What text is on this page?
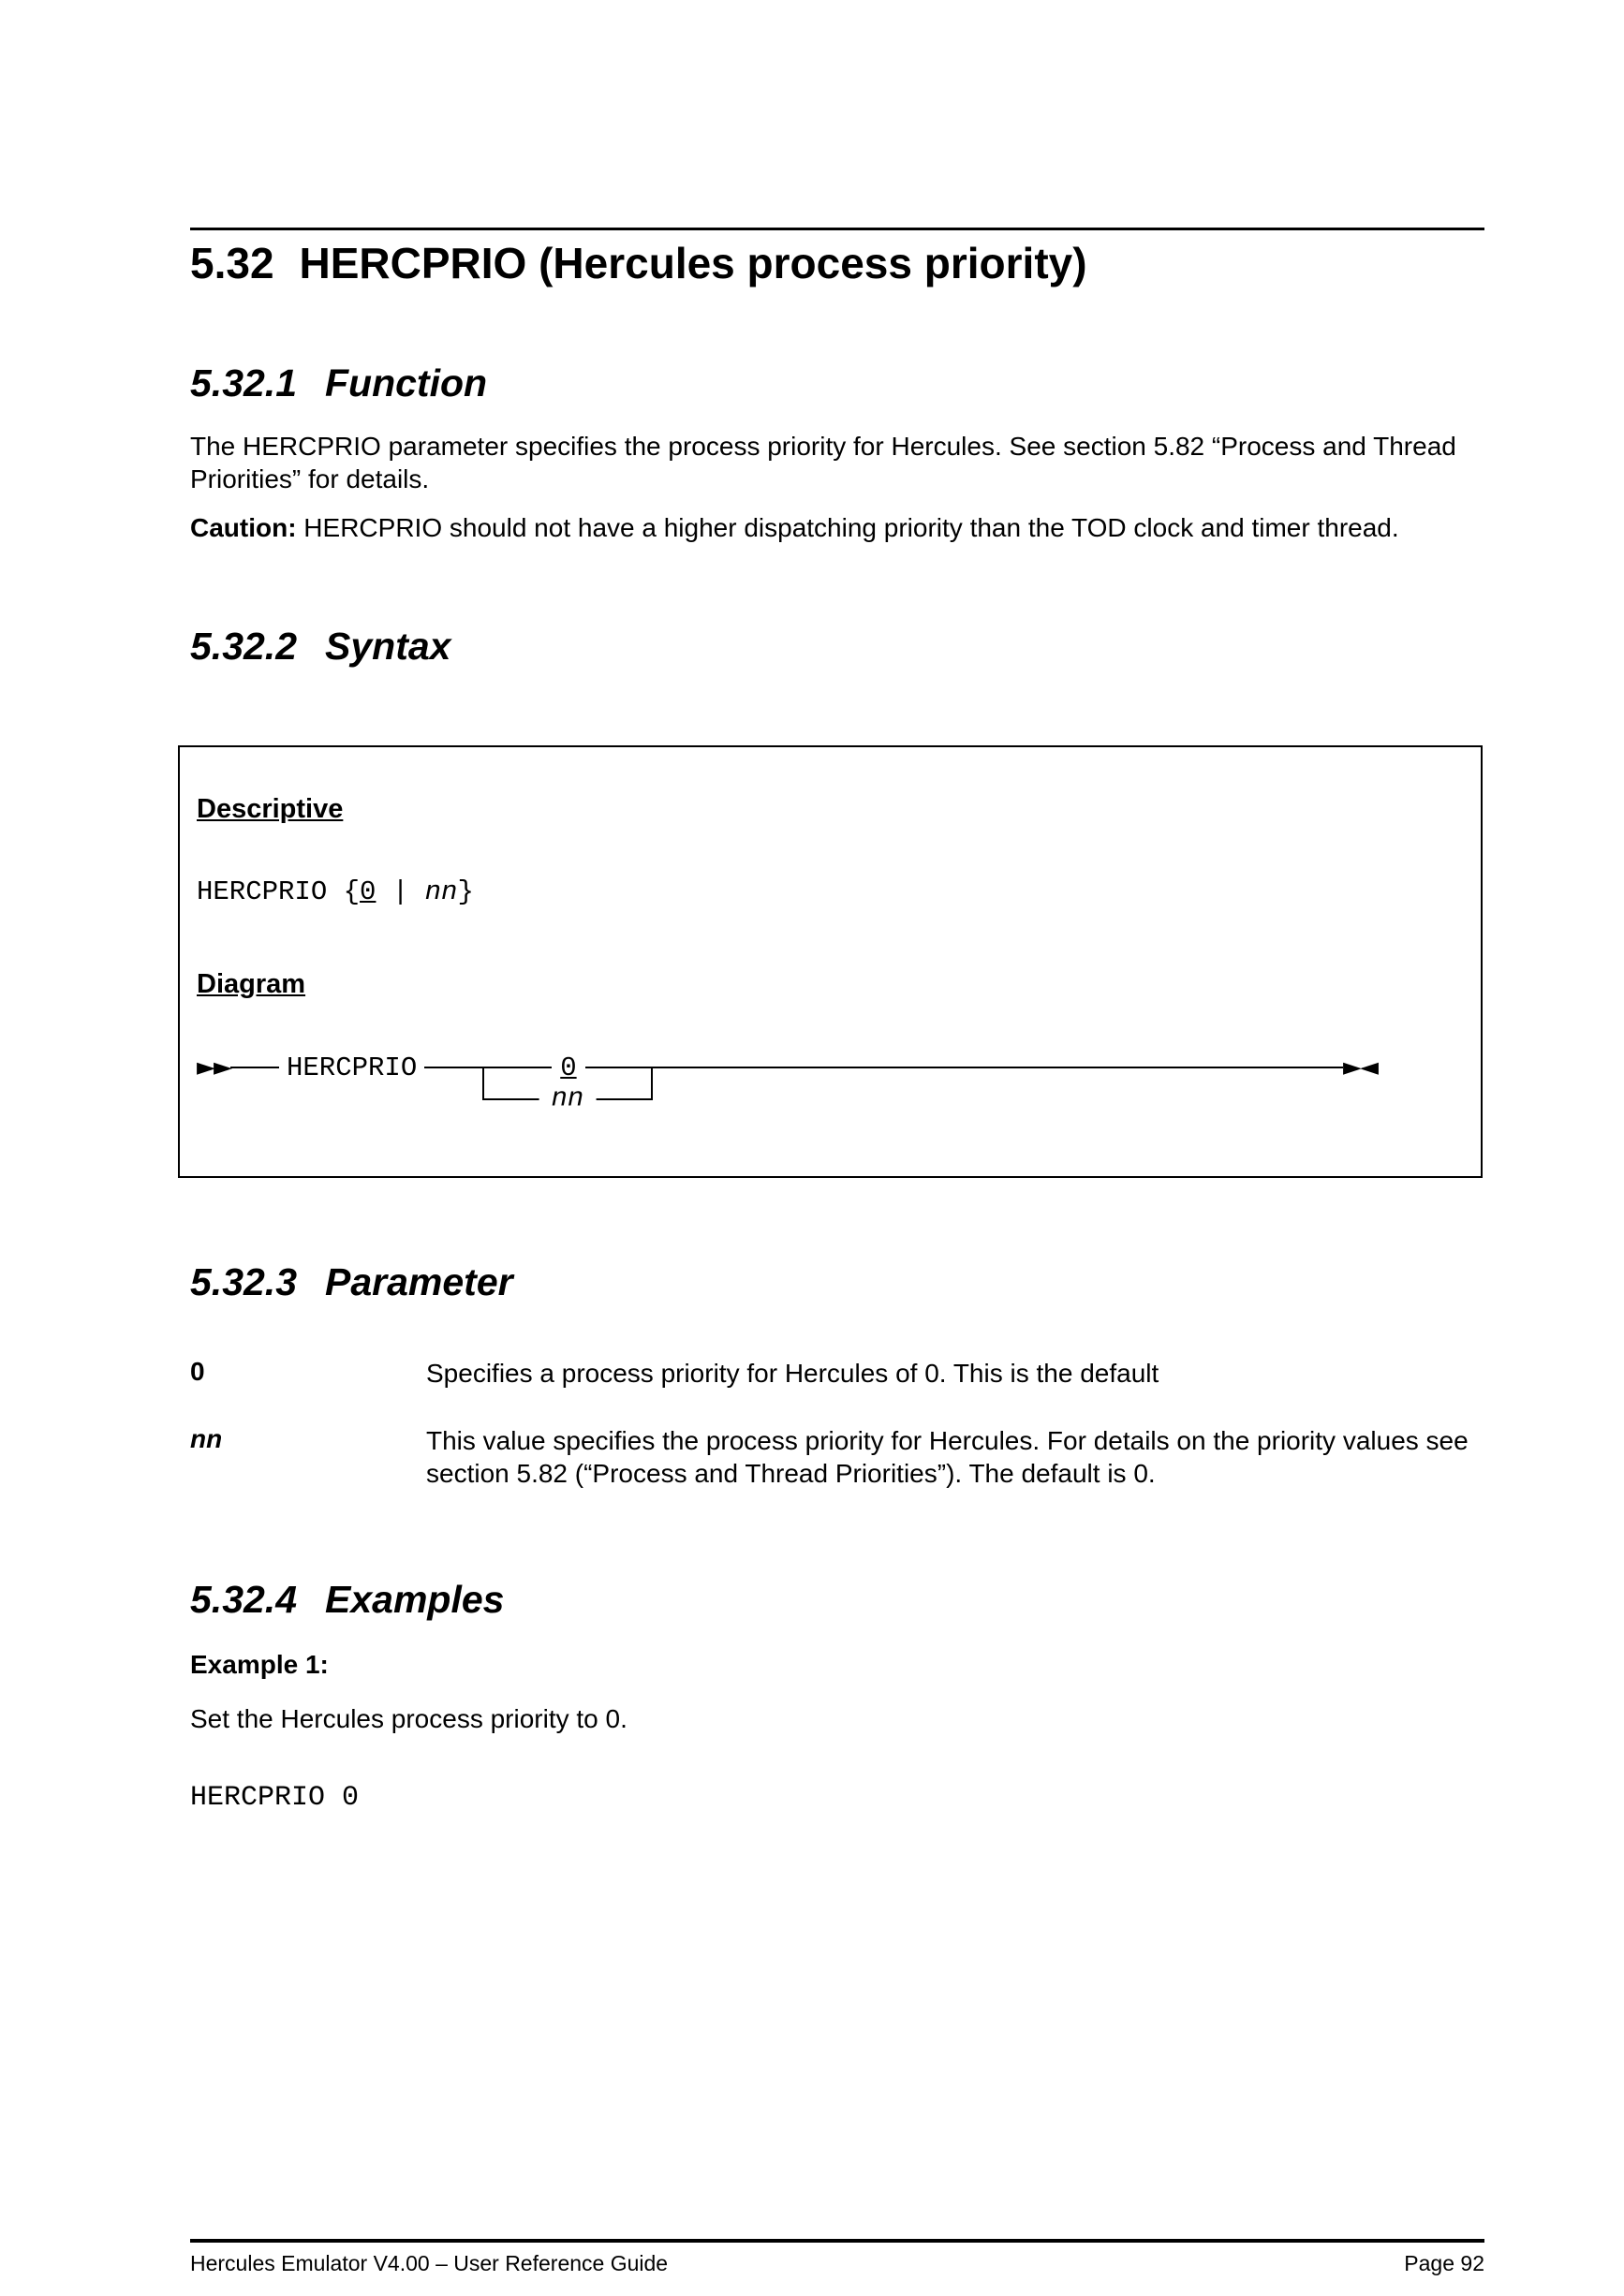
5.32 HERCPRIO (Hercules process priority)
5.32.1 Function
The HERCPRIO parameter specifies the process priority for Hercules. See section 5.82 “Process and Thread Priorities” for details.
Caution: HERCPRIO should not have a higher dispatching priority than the TOD clock and timer thread.
5.32.2 Syntax
Descriptive
HERCPRIO {0 | nn}
Diagram
►► HERCPRIO	0
nn
►◄
5.32.3 Parameter
0	Specifies a process priority for Hercules of 0. This is the default
nn	This value specifies the process priority for Hercules. For details on the priority values see section 5.82 (“Process and Thread Priorities”). The default is 0.
5.32.4 Examples
Example 1:
Set the Hercules process priority to 0.
HERCPRIO 0
Hercules Emulator V4.00 – User Reference Guide	Page 92
